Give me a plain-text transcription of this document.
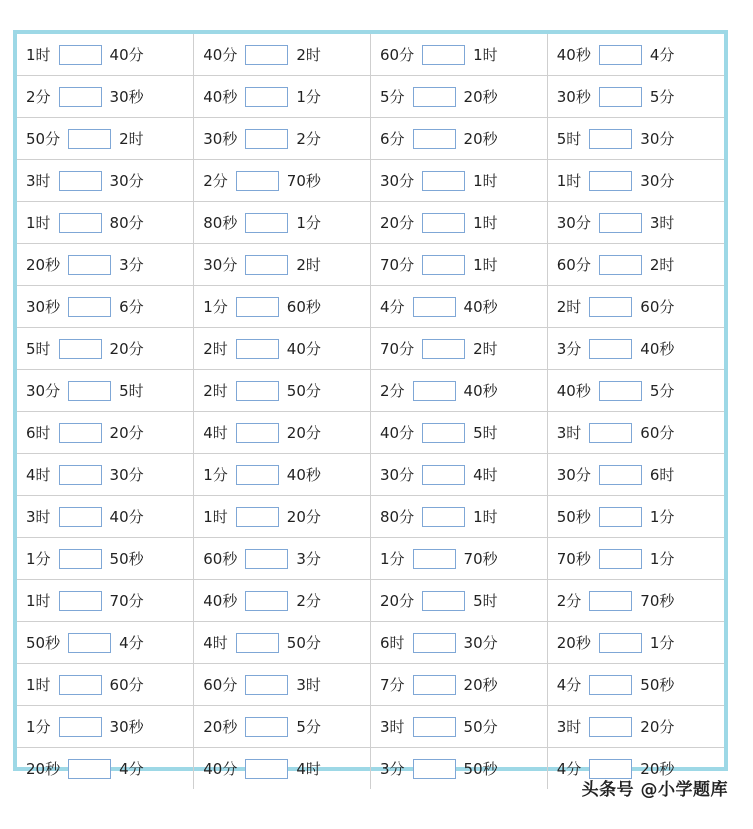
1时 40分	40分 2时	60分 1时	40秒 4分
2分 30秒	40秒 1分	5分 20秒	30秒 5分
50分 2时	30秒 2分	6分 20秒	5时 30分
3时 30分	2分 70秒	30分 1时	1时 30分
1时 80分	80秒 1分	20分 1时	30分 3时
20秒 3分	30分 2时	70分 1时	60分 2时
30秒 6分	1分 60秒	4分 40秒	2时 60分
5时 20分	2时 40分	70分 2时	3分 40秒
30分 5时	2时 50分	2分 40秒	40秒 5分
6时 20分	4时 20分	40分 5时	3时 60分
4时 30分	1分 40秒	30分 4时	30分 6时
3时 40分	1时 20分	80分 1时	50秒 1分
1分 50秒	60秒 3分	1分 70秒	70秒 1分
1时 70分	40秒 2分	20分 5时	2分 70秒
50秒 4分	4时 50分	6时 30分	20秒 1分
1时 60分	60分 3时	7分 20秒	4分 50秒
1分 30秒	20秒 5分	3时 50分	3时 20分
20秒 4分	40分 4时	3分 50秒	4分 20秒
头条号 @小学题库
